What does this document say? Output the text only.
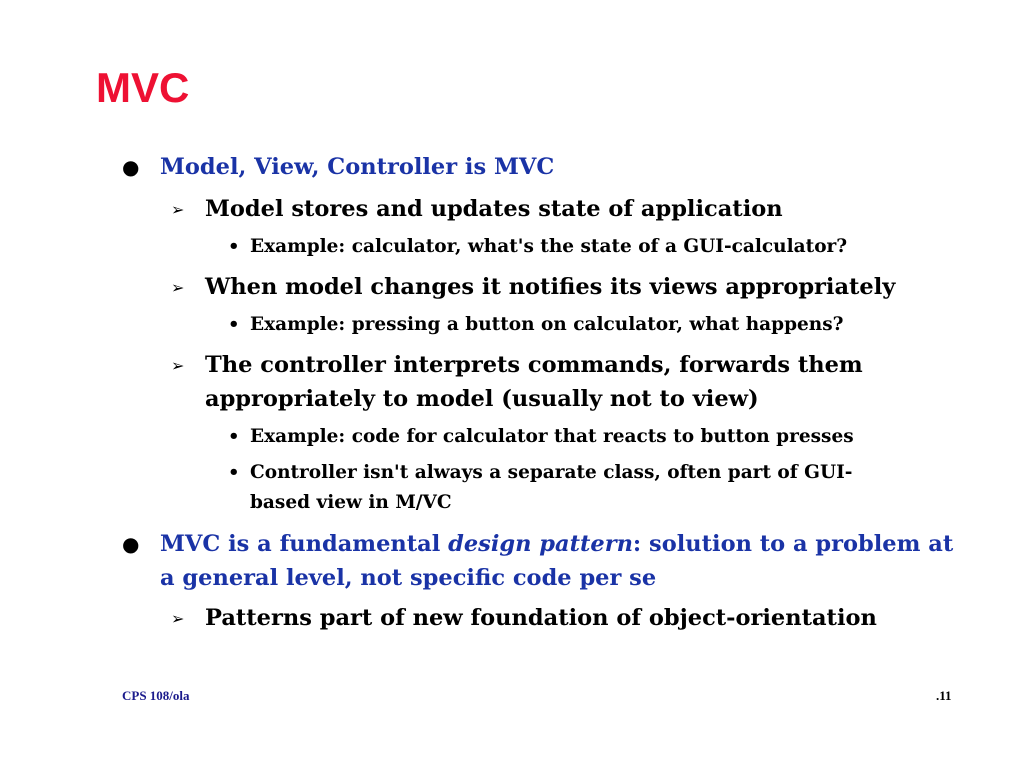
MVC
● Model, View, Controller is MVC
➢ Model stores and updates state of application
• Example: calculator, what's the state of a GUI-calculator?
➢ When model changes it notifies its views appropriately
• Example: pressing a button on calculator, what happens?
➢ The controller interprets commands, forwards them
appropriately to model (usually not to view)
• Example: code for calculator that reacts to button presses
• Controller isn't always a separate class, often part of GUI-
based view in M/VC
● MVC is a fundamental design pattern: solution to a problem at
a general level, not specific code per se
➢ Patterns part of new foundation of object-orientation
CPS 108/ola	.11
